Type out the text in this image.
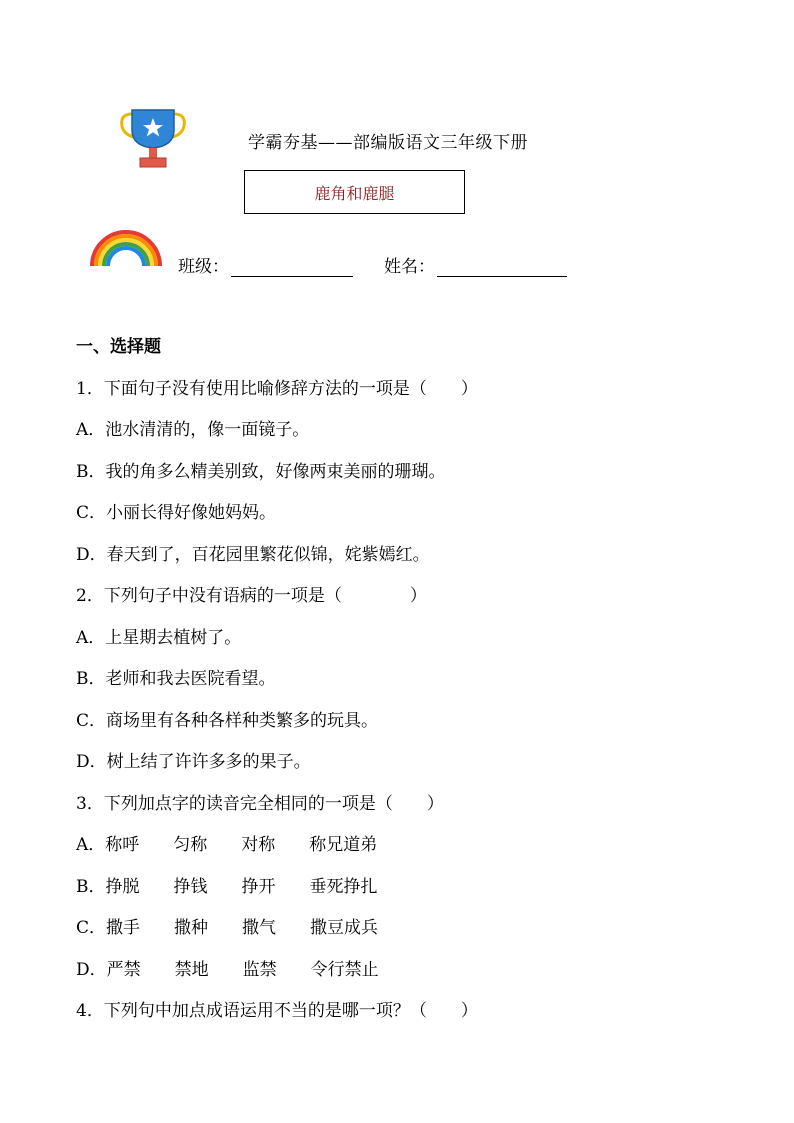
学霸夯基——部编版语文三年级下册
鹿角和鹿腿
班级：	姓名：
一、选择题
1．下面句子没有使用比喻修辞方法的一项是（　　）
A．池水清清的，像一面镜子。
B．我的角多么精美别致，好像两束美丽的珊瑚。
C．小丽长得好像她妈妈。
D．春天到了，百花园里繁花似锦，姹紫嫣红。
2．下列句子中没有语病的一项是（　　　　）
A．上星期去植树了。
B．老师和我去医院看望。
C．商场里有各种各样种类繁多的玩具。
D．树上结了许许多多的果子。
3．下列加点字的读音完全相同的一项是（　　）
A．称呼　　匀称　　对称　　称兄道弟
B．挣脱　　挣钱　　挣开　　垂死挣扎
C．撒手　　撒种　　撒气　　撒豆成兵
D．严禁　　禁地　　监禁　　令行禁止
4．下列句中加点成语运用不当的是哪一项？（　　）
